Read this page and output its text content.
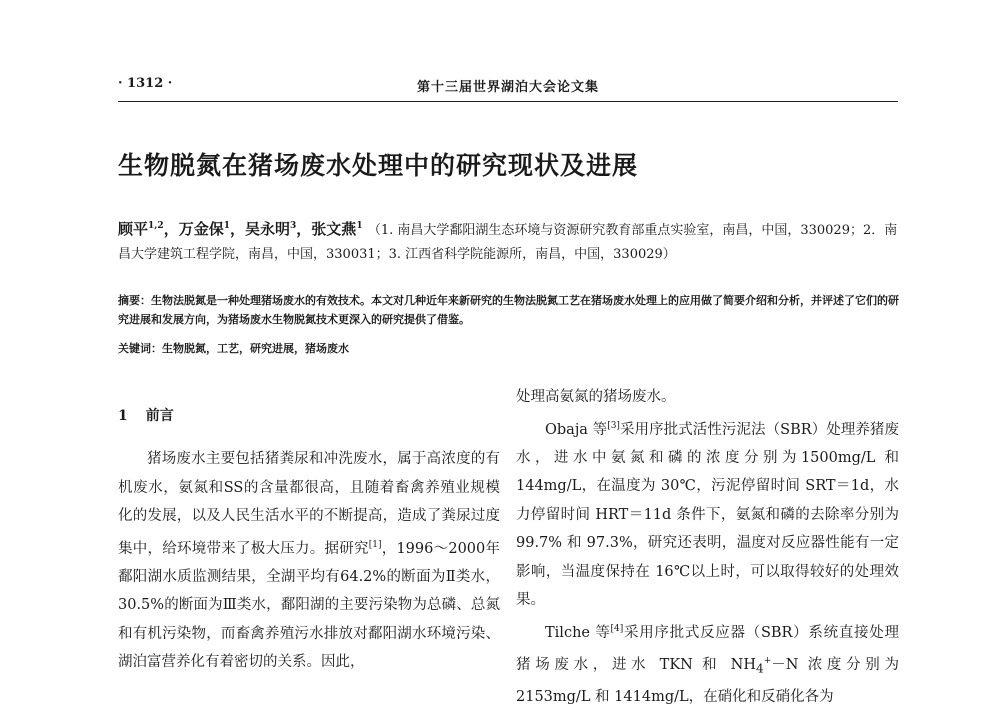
· 1312 ·	第十三届世界湖泊大会论文集
生物脱氮在猪场废水处理中的研究现状及进展
顾平$^{1,2}$，万金保$^1$，吴永明$^3$，张文燕$^1$ （1. 南昌大学鄱阳湖生态环境与资源研究教育部重点实验室，南昌，中国，330029；2．南昌大学建筑工程学院，南昌，中国，330031；3. 江西省科学院能源所，南昌，中国，330029）
摘要：生物法脱氮是一种处理猪场废水的有效技术。本文对几种近年来新研究的生物法脱氮工艺在猪场废水处理上的应用做了简要介绍和分析，并评述了它们的研究进展和发展方向，为猪场废水生物脱氮技术更深入的研究提供了借鉴。
关键词：生物脱氮，工艺，研究进展，猪场废水
1 前言

猪场废水主要包括猪粪尿和冲洗废水，属于高浓度的有机废水，氨氮和SS的含量都很高，且随着畜禽养殖业规模化的发展，以及人民生活水平的不断提高，造成了粪尿过度集中，给环境带来了极大压力。据研究[1]，1996～2000年鄱阳湖水质监测结果，全湖平均有64.2%的断面为Ⅱ类水，30.5%的断面为Ⅲ类水，鄱阳湖的主要污染物为总磷、总氮和有机污染物，而畜禽养殖污水排放对鄱阳湖水环境污染、湖泊富营养化有着密切的关系。因此，

处理高氨氮的猪场废水。

Obaja 等[3]采用序批式活性污泥法（SBR）处理养猪废水，进水中氨氮和磷的浓度分别为1500mg/L 和 144mg/L，在温度为 30℃，污泥停留时间 SRT＝1d，水力停留时间 HRT＝11d 条件下，氨氮和磷的去除率分别为 99.7% 和 97.3%，研究还表明，温度对反应器性能有一定影响，当温度保持在 16℃以上时，可以取得较好的处理效果。

Tilche 等[4]采用序批式反应器（SBR）系统直接处理猪场废水，进水 TKN 和 $NH_4^+-N$ 浓度分别为 2153mg/L 和 1414mg/L，在硝化和反硝化各为
